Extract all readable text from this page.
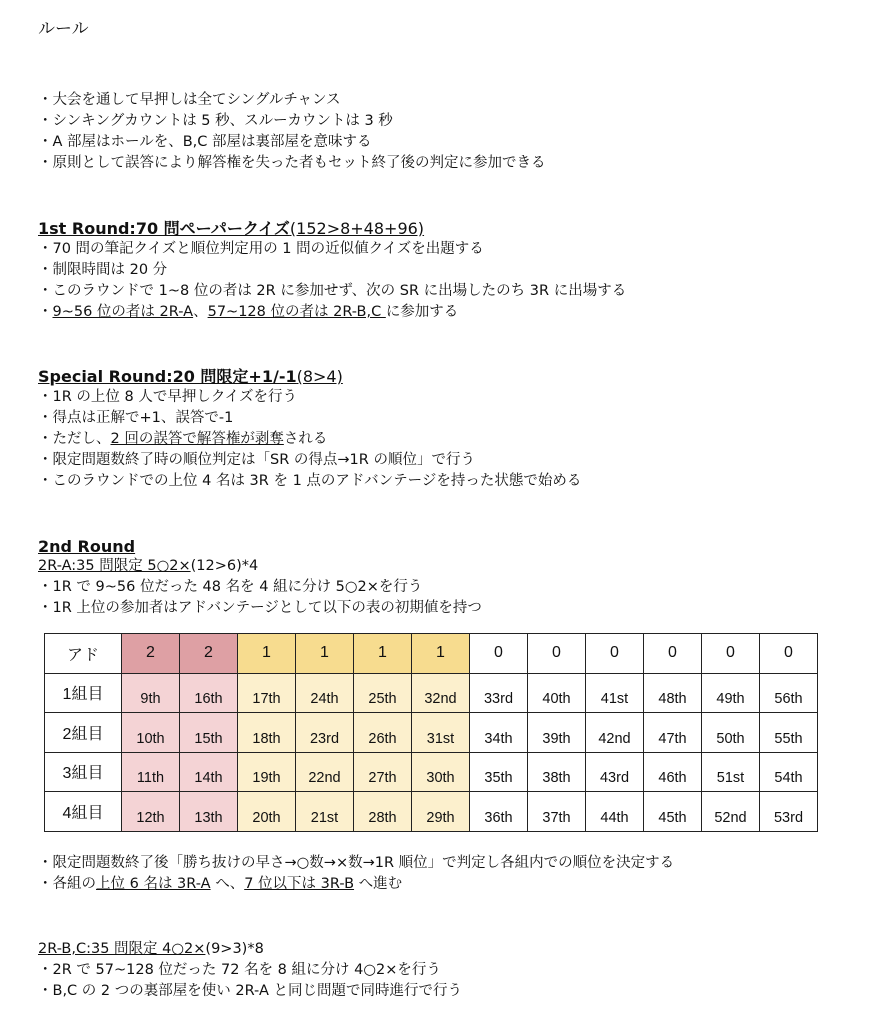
ルール
・大会を通して早押しは全てシングルチャンス
・シンキングカウントは 5 秒、スルーカウントは 3 秒
・A 部屋はホールを、B,C 部屋は裏部屋を意味する
・原則として誤答により解答権を失った者もセット終了後の判定に参加できる
1st Round:70 問ペーパークイズ(152>8+48+96)
・70 問の筆記クイズと順位判定用の 1 問の近似値クイズを出題する
・制限時間は 20 分
・このラウンドで 1~8 位の者は 2R に参加せず、次の SR に出場したのち 3R に出場する
・9~56 位の者は 2R-A、57~128 位の者は 2R-B,C に参加する
Special Round:20 問限定+1/-1(8>4)
・1R の上位 8 人で早押しクイズを行う
・得点は正解で+1、誤答で-1
・ただし、2 回の誤答で解答権が剥奪される
・限定問題数終了時の順位判定は「SR の得点→1R の順位」で行う
・このラウンドでの上位 4 名は 3R を 1 点のアドバンテージを持った状態で始める
2nd Round
2R-A:35 問限定 5○2×(12>6)*4
・1R で 9~56 位だった 48 名を 4 組に分け 5○2×を行う
・1R 上位の参加者はアドバンテージとして以下の表の初期値を持つ
アド	2	2	1	1	1	1	0	0	0	0	0	0
1組目	9th	16th	17th	24th	25th	32nd	33rd	40th	41st	48th	49th	56th
2組目	10th	15th	18th	23rd	26th	31st	34th	39th	42nd	47th	50th	55th
3組目	11th	14th	19th	22nd	27th	30th	35th	38th	43rd	46th	51st	54th
4組目	12th	13th	20th	21st	28th	29th	36th	37th	44th	45th	52nd	53rd
・限定問題数終了後「勝ち抜けの早さ→○数→×数→1R 順位」で判定し各組内での順位を決定する
・各組の上位 6 名は 3R-A へ、7 位以下は 3R-B へ進む
2R-B,C:35 問限定 4○2×(9>3)*8
・2R で 57~128 位だった 72 名を 8 組に分け 4○2×を行う
・B,C の 2 つの裏部屋を使い 2R-A と同じ問題で同時進行で行う
